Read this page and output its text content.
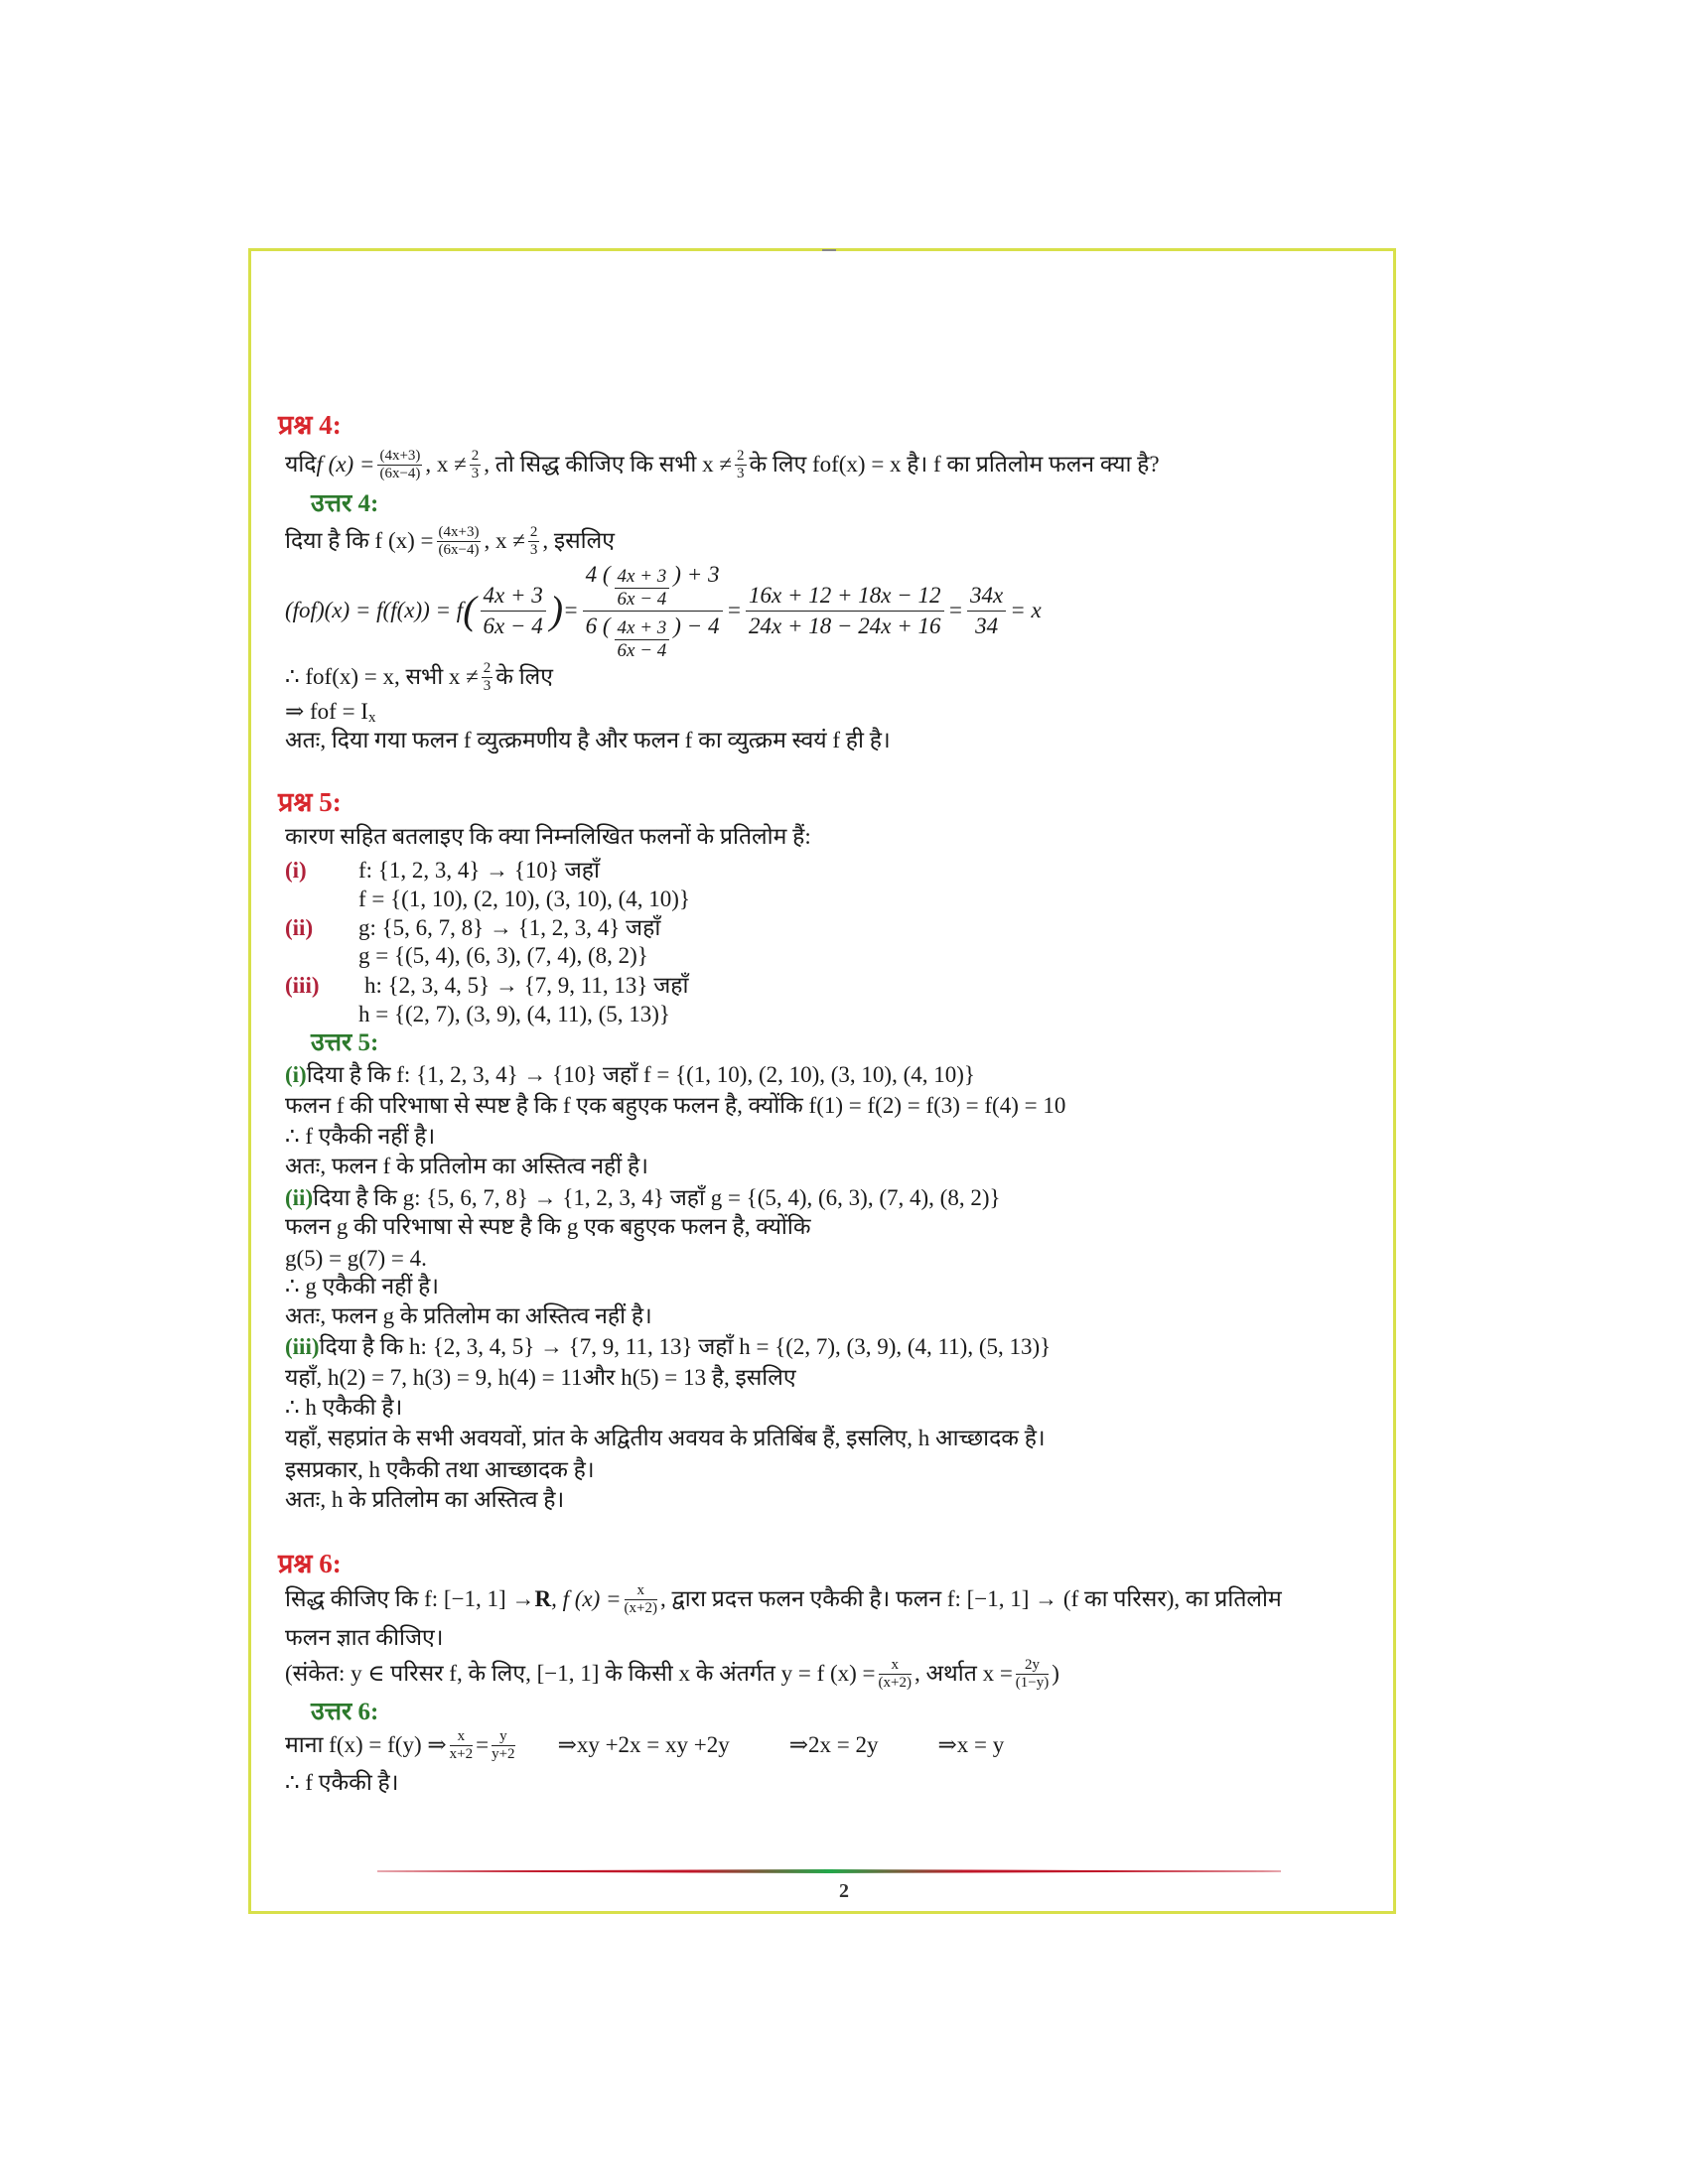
प्रश्न 4:
यदि f $(x) = \frac{(4x+3)}{(6x-4)}$ , $x \ne \frac{2}{3}$ , तो सिद्ध कीजिए कि सभी $x \ne \frac{2}{3}$ के लिए fof(x) = x है। f का प्रतिलोम फलन क्या है?
उत्तर 4:
दिया है कि f $(x) = \frac{(4x+3)}{(6x-4)}$ , $x \ne \frac{2}{3}$ , इसलिए
(fof)(x) = f(f(x)) = f ( $\frac{4x + 3}{6x - 4}$ ) = $\frac{4 ( \frac{4x + 3}{6x - 4} ) + 3}{6 ( \frac{4x + 3}{6x - 4} ) - 4} = \frac{16x + 12 + 18x - 12}{24x + 18 - 24x + 16} = \frac{34x}{34} = x$
∴ fof(x) = x, सभी $x \ne \frac{2}{3}$ के लिए
⇒ fof = $I_x$
अतः, दिया गया फलन f व्युत्क्रमणीय है और फलन f का व्युत्क्रम स्वयं f ही है।
प्रश्न 5:
कारण सहित बतलाइए कि क्या निम्नलिखित फलनों के प्रतिलोम हैं:
(i)	f: {1, 2, 3, 4} → {10} जहाँ
f = {(1, 10), (2, 10), (3, 10), (4, 10)}
(ii)	g: {5, 6, 7, 8} → {1, 2, 3, 4} जहाँ
g = {(5, 4), (6, 3), (7, 4), (8, 2)}
(iii)	h: {2, 3, 4, 5} → {7, 9, 11, 13} जहाँ
h = {(2, 7), (3, 9), (4, 11), (5, 13)}
उत्तर 5:
(i) दिया है कि f: {1, 2, 3, 4} → {10} जहाँ f = {(1, 10), (2, 10), (3, 10), (4, 10)}
फलन f की परिभाषा से स्पष्ट है कि f एक बहुएक फलन है, क्योंकि f(1) = f(2) = f(3) = f(4) = 10
∴ f एकैकी नहीं है।
अतः, फलन f के प्रतिलोम का अस्तित्व नहीं है।
(ii) दिया है कि g: {5, 6, 7, 8} → {1, 2, 3, 4} जहाँ g = {(5, 4), (6, 3), (7, 4), (8, 2)}
फलन g की परिभाषा से स्पष्ट है कि g एक बहुएक फलन है, क्योंकि
g(5) = g(7) = 4.
∴ g एकैकी नहीं है।
अतः, फलन g के प्रतिलोम का अस्तित्व नहीं है।
(iii) दिया है कि h: {2, 3, 4, 5} → {7, 9, 11, 13} जहाँ h = {(2, 7), (3, 9), (4, 11), (5, 13)}
यहाँ, h(2) = 7, h(3) = 9, h(4) = 11और h(5) = 13 है, इसलिए
∴ h एकैकी है।
यहाँ, सहप्रांत के सभी अवयवों, प्रांत के अद्वितीय अवयव के प्रतिबिंब हैं, इसलिए, h आच्छादक है।
इसप्रकार, h एकैकी तथा आच्छादक है।
अतः, h के प्रतिलोम का अस्तित्व है।
प्रश्न 6:
सिद्ध कीजिए कि f: [−1, 1] → R , f $(x) = \frac{x}{(x+2)}$ , द्वारा प्रदत्त फलन एकैकी है। फलन f: [−1, 1] → (f का परिसर), का प्रतिलोम
फलन ज्ञात कीजिए।
(संकेत: y ∈ परिसर f, के लिए, [−1, 1] के किसी x के अंतर्गत y = f $(x) = \frac{x}{(x+2)}$ , अर्थात $x = \frac{2y}{(1-y)}$ )
उत्तर 6:
माना f(x) = f(y) ⇒ $\frac{x}{x+2} = \frac{y}{y+2}$ ⇒xy +2x = xy +2y	⇒2x = 2y	⇒x = y
∴ f एकैकी है।
2
